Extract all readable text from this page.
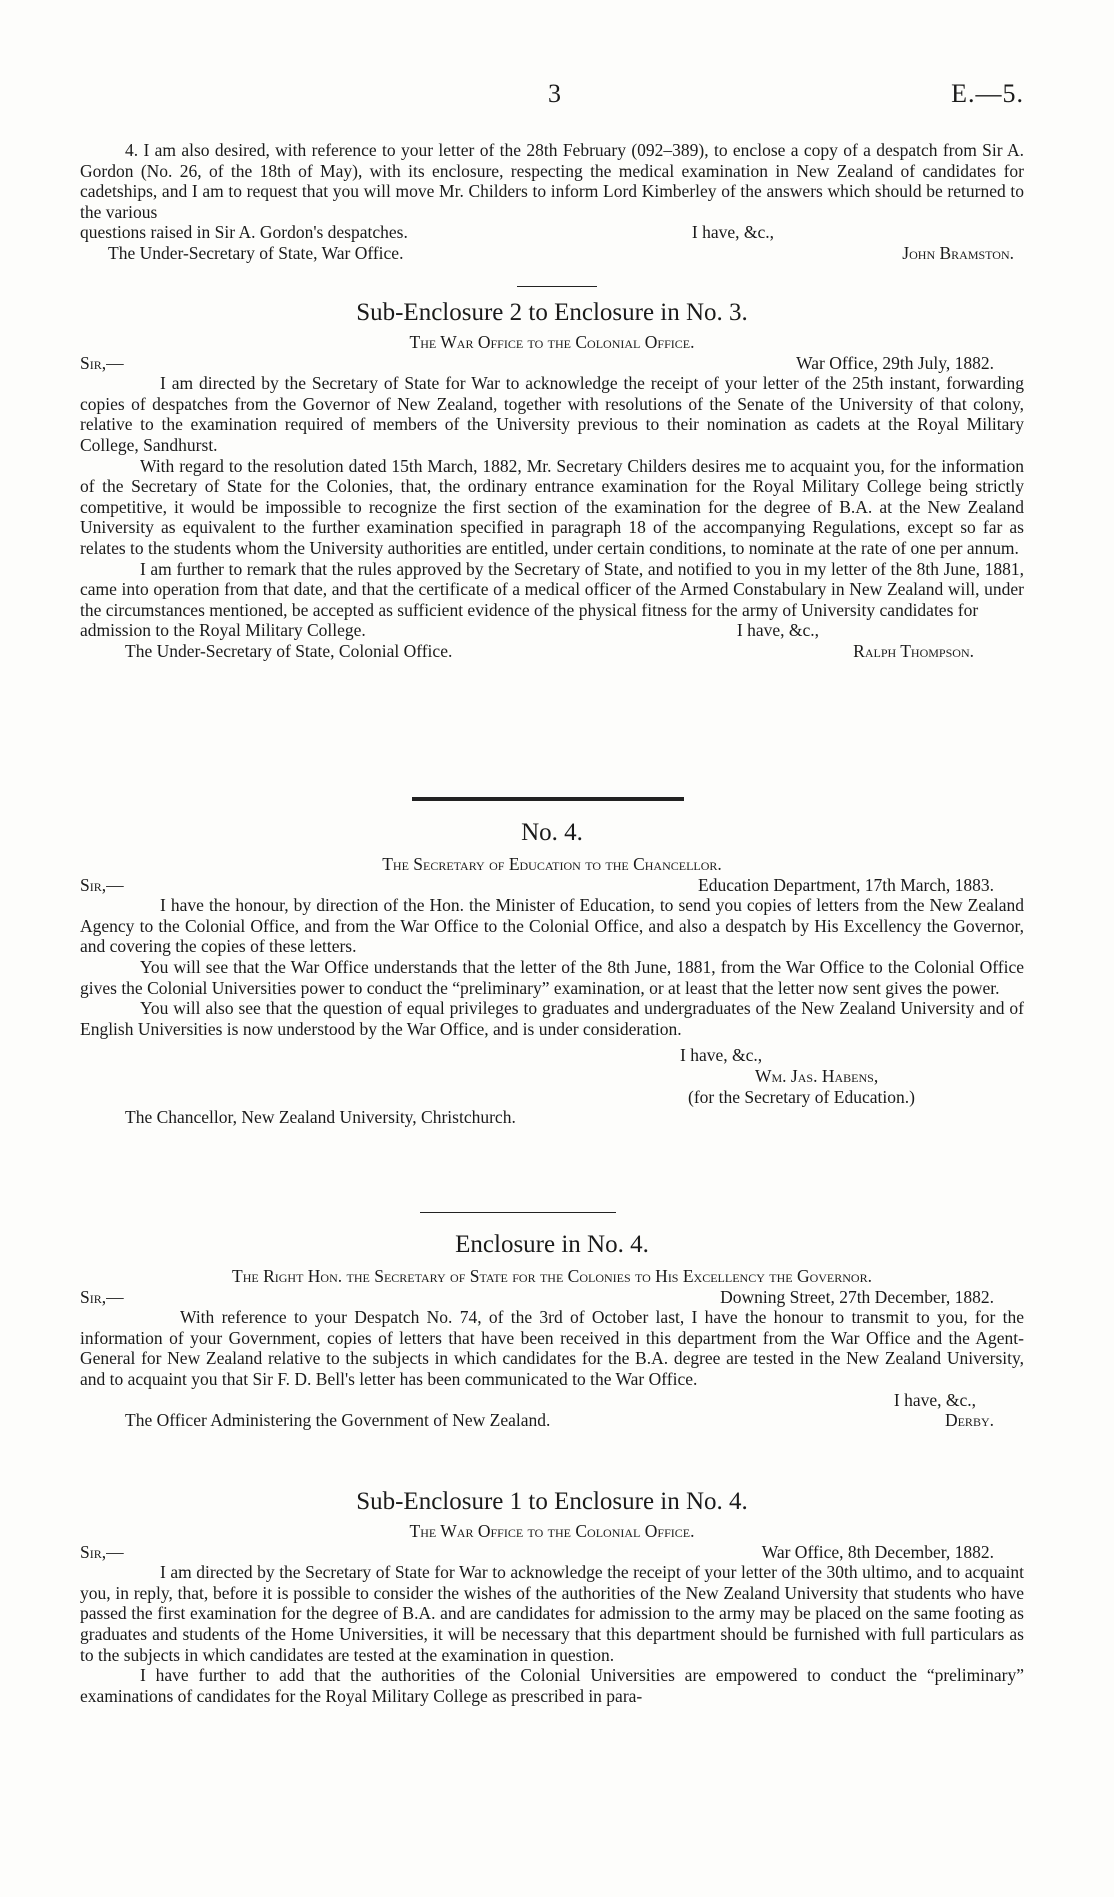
3	E.—5.

4. I am also desired, with reference to your letter of the 28th February (092–389), to enclose a copy of a despatch from Sir A. Gordon (No. 26, of the 18th of May), with its enclosure, respecting the medical examination in New Zealand of candidates for cadetships, and I am to request that you will move Mr. Childers to inform Lord Kimberley of the answers which should be returned to the various

questions raised in Sir A. Gordon's despatches.	I have, &c.,
The Under-Secretary of State, War Office.	John Bramston.
Sub-Enclosure 2 to Enclosure in No. 3.
The War Office to the Colonial Office.
Sir,—	War Office, 29th July, 1882.

I am directed by the Secretary of State for War to acknowledge the receipt of your letter of the 25th instant, forwarding copies of despatches from the Governor of New Zealand, together with resolutions of the Senate of the University of that colony, relative to the examination required of members of the University previous to their nomination as cadets at the Royal Military College, Sandhurst.

With regard to the resolution dated 15th March, 1882, Mr. Secretary Childers desires me to acquaint you, for the information of the Secretary of State for the Colonies, that, the ordinary entrance examination for the Royal Military College being strictly competitive, it would be impossible to recognize the first section of the examination for the degree of B.A. at the New Zealand University as equivalent to the further examination specified in paragraph 18 of the accompanying Regulations, except so far as relates to the students whom the University authorities are entitled, under certain conditions, to nominate at the rate of one per annum.

I am further to remark that the rules approved by the Secretary of State, and notified to you in my letter of the 8th June, 1881, came into operation from that date, and that the certificate of a medical officer of the Armed Constabulary in New Zealand will, under the circumstances mentioned, be accepted as sufficient evidence of the physical fitness for the army of University candidates for

admission to the Royal Military College.	I have, &c.,
The Under-Secretary of State, Colonial Office.	Ralph Thompson.
No. 4.
The Secretary of Education to the Chancellor.
Sir,—	Education Department, 17th March, 1883.

I have the honour, by direction of the Hon. the Minister of Education, to send you copies of letters from the New Zealand Agency to the Colonial Office, and from the War Office to the Colonial Office, and also a despatch by His Excellency the Governor, and covering the copies of these letters.

You will see that the War Office understands that the letter of the 8th June, 1881, from the War Office to the Colonial Office gives the Colonial Universities power to conduct the “preliminary” examination, or at least that the letter now sent gives the power.

You will also see that the question of equal privileges to graduates and undergraduates of the New Zealand University and of English Universities is now understood by the War Office, and is under consideration.

I have, &c.,
Wm. Jas. Habens,
(for the Secretary of Education.)
The Chancellor, New Zealand University, Christchurch.
Enclosure in No. 4.
The Right Hon. the Secretary of State for the Colonies to His Excellency the Governor.
Sir,—	Downing Street, 27th December, 1882.

With reference to your Despatch No. 74, of the 3rd of October last, I have the honour to transmit to you, for the information of your Government, copies of letters that have been received in this department from the War Office and the Agent-General for New Zealand relative to the subjects in which candidates for the B.A. degree are tested in the New Zealand University, and to acquaint you that Sir F. D. Bell's letter has been communicated to the War Office.

I have, &c.,
The Officer Administering the Government of New Zealand.	Derby.
Sub-Enclosure 1 to Enclosure in No. 4.
The War Office to the Colonial Office.
Sir,—	War Office, 8th December, 1882.

I am directed by the Secretary of State for War to acknowledge the receipt of your letter of the 30th ultimo, and to acquaint you, in reply, that, before it is possible to consider the wishes of the authorities of the New Zealand University that students who have passed the first examination for the degree of B.A. and are candidates for admission to the army may be placed on the same footing as graduates and students of the Home Universities, it will be necessary that this department should be furnished with full particulars as to the subjects in which candidates are tested at the examination in question.

I have further to add that the authorities of the Colonial Universities are empowered to conduct the “preliminary” examinations of candidates for the Royal Military College as prescribed in para-
